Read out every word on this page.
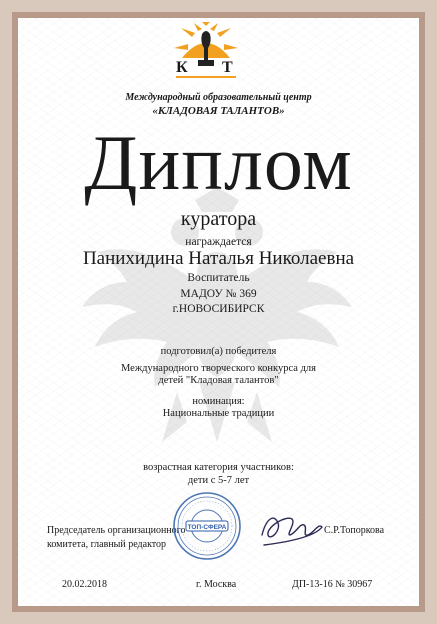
К Т
Международный образовательный центр
«КЛАДОВАЯ ТАЛАНТОВ»
Диплом
куратора
награждается
Панихидина Наталья Николаевна
Воспитатель
МАДОУ № 369
г.НОВОСИБИРСК
подготовил(а) победителя
Международного творческого конкурса для
детей "Кладовая талантов"
номинация:
Национальные традиции
возрастная категория участников:
дети с 5-7 лет
Председатель организационного
комитета, главный редактор
ТОП-СФЕРА	С.Р.Топоркова
20.02.2018	г. Москва	ДП-13-16 № 30967
